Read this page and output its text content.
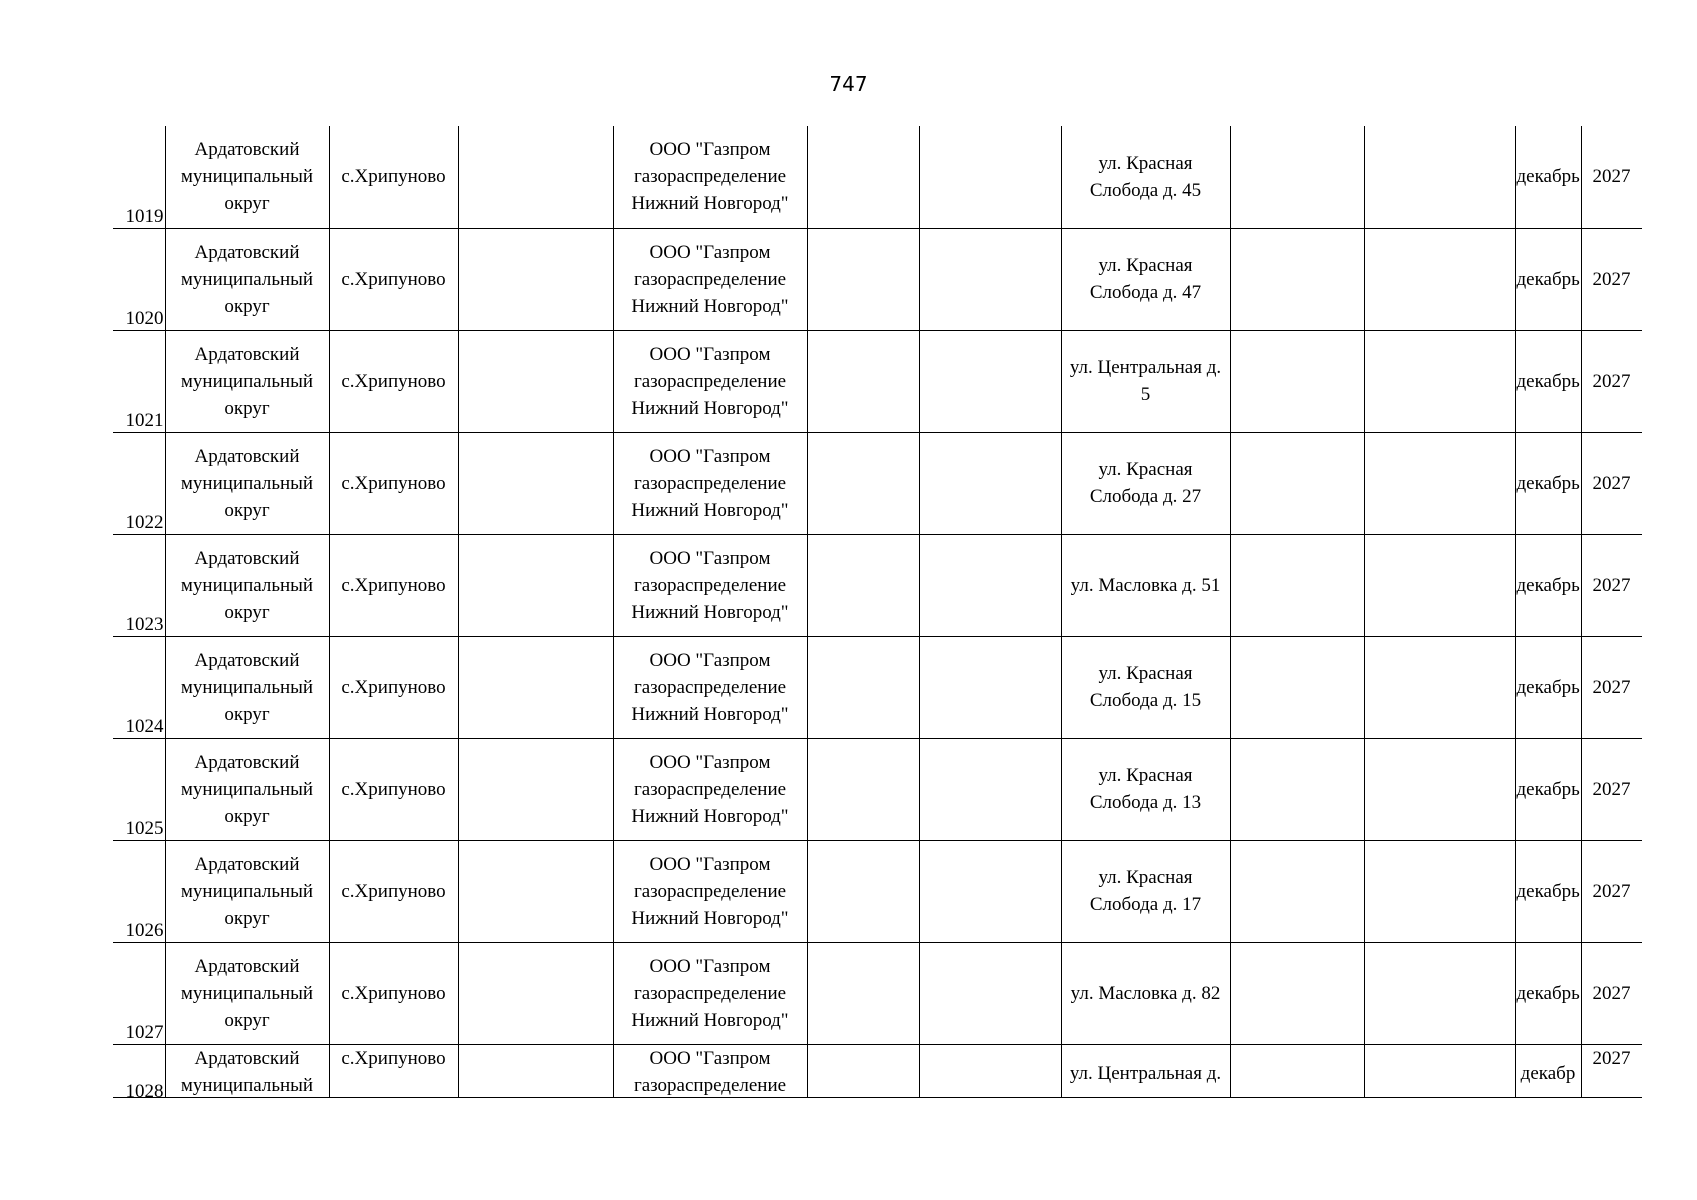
747
1019	Ардатовский муниципальный округ	с.Хрипуново		ООО "Газпром газораспределение Нижний Новгород"			ул. Красная Слобода д. 45			декабрь	2027
1020	Ардатовский муниципальный округ	с.Хрипуново		ООО "Газпром газораспределение Нижний Новгород"			ул. Красная Слобода д. 47			декабрь	2027
1021	Ардатовский муниципальный округ	с.Хрипуново		ООО "Газпром газораспределение Нижний Новгород"			ул. Центральная д. 5			декабрь	2027
1022	Ардатовский муниципальный округ	с.Хрипуново		ООО "Газпром газораспределение Нижний Новгород"			ул. Красная Слобода д. 27			декабрь	2027
1023	Ардатовский муниципальный округ	с.Хрипуново		ООО "Газпром газораспределение Нижний Новгород"			ул. Масловка д. 51			декабрь	2027
1024	Ардатовский муниципальный округ	с.Хрипуново		ООО "Газпром газораспределение Нижний Новгород"			ул. Красная Слобода д. 15			декабрь	2027
1025	Ардатовский муниципальный округ	с.Хрипуново		ООО "Газпром газораспределение Нижний Новгород"			ул. Красная Слобода д. 13			декабрь	2027
1026	Ардатовский муниципальный округ	с.Хрипуново		ООО "Газпром газораспределение Нижний Новгород"			ул. Красная Слобода д. 17			декабрь	2027
1027	Ардатовский муниципальный округ	с.Хрипуново		ООО "Газпром газораспределение Нижний Новгород"			ул. Масловка д. 82			декабрь	2027
1028	Ардатовский муниципальный	с.Хрипуново		ООО "Газпром газораспределение			ул. Центральная д.			декабр	2027
